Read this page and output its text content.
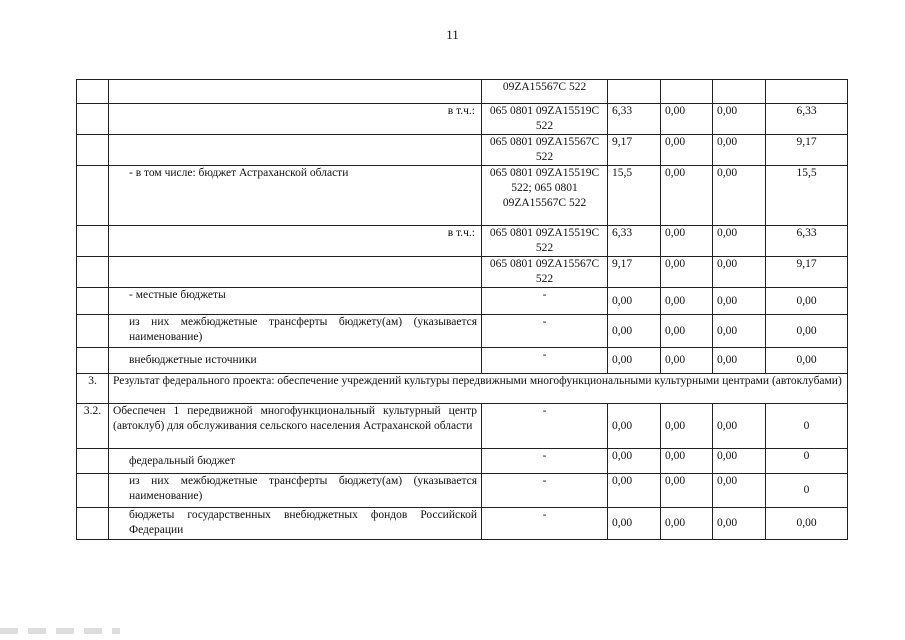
11
		09ZA15567C 522				
	в т.ч.:	065 0801 09ZA15519C 522	6,33	0,00	0,00	6,33
		065 0801 09ZA15567C 522	9,17	0,00	0,00	9,17
	- в том числе: бюджет Астраханской области	065 0801 09ZA15519C 522; 065 0801 09ZA15567C 522	15,5	0,00	0,00	15,5
	в т.ч.:	065 0801 09ZA15519C 522	6,33	0,00	0,00	6,33
		065 0801 09ZA15567C 522	9,17	0,00	0,00	9,17
	- местные бюджеты	-	0,00	0,00	0,00	0,00
	из них межбюджетные трансферты бюджету(ам) (указывается наименование)	-	0,00	0,00	0,00	0,00
	внебюджетные источники	-	0,00	0,00	0,00	0,00
3.	Результат федерального проекта: обеспечение учреждений культуры передвижными многофункциональными культурными центрами (автоклубами)					
3.2.	Обеспечен 1 передвижной многофункциональный культурный центр (автоклуб) для обслуживания сельского населения Астраханской области	-	0,00	0,00	0,00	0
	федеральный бюджет	-	0,00	0,00	0,00	0
	из них межбюджетные трансферты бюджету(ам) (указывается наименование)	-	0,00	0,00	0,00	0
	бюджеты государственных внебюджетных фондов Российской Федерации	-	0,00	0,00	0,00	0,00
